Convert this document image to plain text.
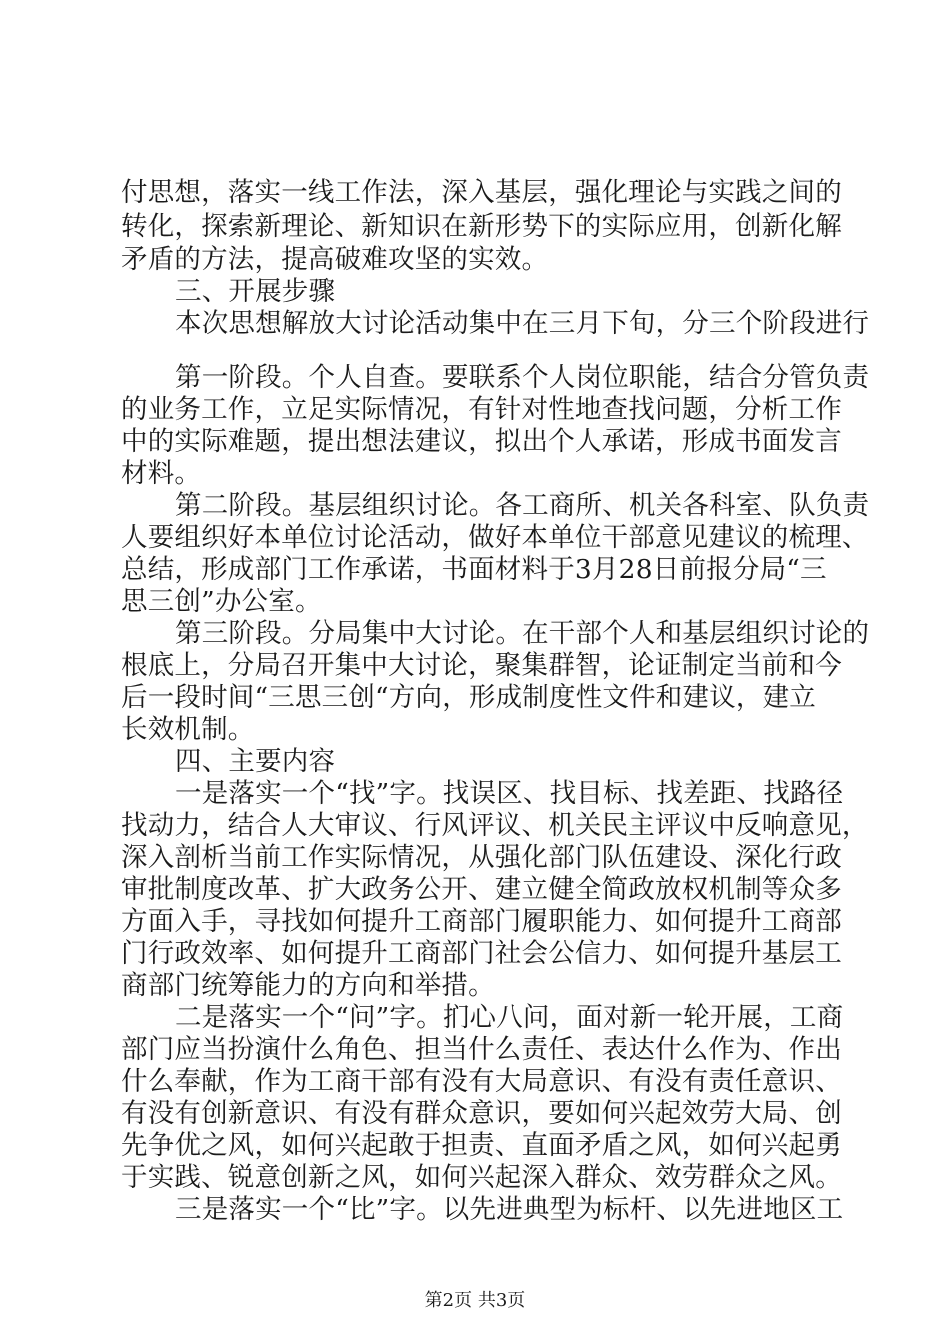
付思想，落实一线工作法，深入基层，强化理论与实践之间的
转化，探索新理论、新知识在新形势下的实际应用，创新化解
矛盾的方法，提高破难攻坚的实效。
三、开展步骤
本次思想解放大讨论活动集中在三月下旬，分三个阶段进行
第一阶段。个人自查。要联系个人岗位职能，结合分管负责
的业务工作，立足实际情况，有针对性地查找问题，分析工作
中的实际难题，提出想法建议，拟出个人承诺，形成书面发言
材料。
第二阶段。基层组织讨论。各工商所、机关各科室、队负责
人要组织好本单位讨论活动，做好本单位干部意见建议的梳理、
总结，形成部门工作承诺，书面材料于3月28日前报分局“三
思三创”办公室。
第三阶段。分局集中大讨论。在干部个人和基层组织讨论的
根底上，分局召开集中大讨论，聚集群智，论证制定当前和今
后一段时间“三思三创“方向，形成制度性文件和建议，建立
长效机制。
四、主要内容
一是落实一个“找”字。找误区、找目标、找差距、找路径
找动力，结合人大审议、行风评议、机关民主评议中反响意见，
深入剖析当前工作实际情况，从强化部门队伍建设、深化行政
审批制度改革、扩大政务公开、建立健全简政放权机制等众多
方面入手，寻找如何提升工商部门履职能力、如何提升工商部
门行政效率、如何提升工商部门社会公信力、如何提升基层工
商部门统筹能力的方向和举措。
二是落实一个“问”字。扪心八问，面对新一轮开展，工商
部门应当扮演什么角色、担当什么责任、表达什么作为、作出
什么奉献，作为工商干部有没有大局意识、有没有责任意识、
有没有创新意识、有没有群众意识，要如何兴起效劳大局、创
先争优之风，如何兴起敢于担责、直面矛盾之风，如何兴起勇
于实践、锐意创新之风，如何兴起深入群众、效劳群众之风。
三是落实一个“比”字。以先进典型为标杆、以先进地区工
第2页 共3页
